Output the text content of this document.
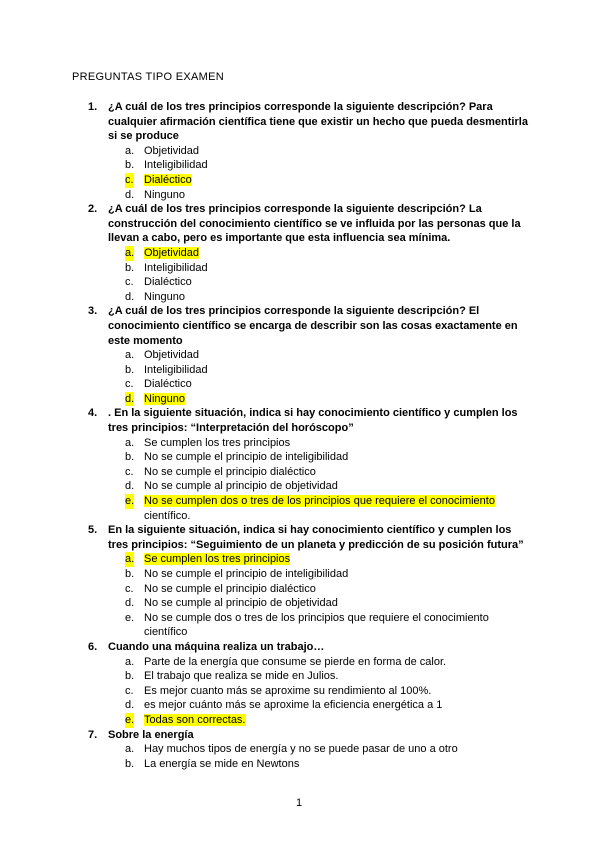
PREGUNTAS TIPO EXAMEN
1. ¿A cuál de los tres principios corresponde la siguiente descripción? Para cualquier afirmación científica tiene que existir un hecho que pueda desmentirla si se produce

a. Objetividad
b. Inteligibilidad
c. Dialéctico
d. Ninguno
2. ¿A cuál de los tres principios corresponde la siguiente descripción? La construcción del conocimiento científico se ve influida por las personas que la llevan a cabo, pero es importante que esta influencia sea mínima.

a. Objetividad
b. Inteligibilidad
c. Dialéctico
d. Ninguno
3. ¿A cuál de los tres principios corresponde la siguiente descripción? El conocimiento científico se encarga de describir son las cosas exactamente en este momento

a. Objetividad
b. Inteligibilidad
c. Dialéctico
d. Ninguno
4. . En la siguiente situación, indica si hay conocimiento científico y cumplen los tres principios: “Interpretación del horóscopo”

a. Se cumplen los tres principios
b. No se cumple el principio de inteligibilidad
c. No se cumple el principio dialéctico
d. No se cumple al principio de objetividad
e. No se cumplen dos o tres de los principios que requiere el conocimiento
científico.
5. En la siguiente situación, indica si hay conocimiento científico y cumplen los tres principios: “Seguimiento de un planeta y predicción de su posición futura”

a. Se cumplen los tres principios
b. No se cumple el principio de inteligibilidad
c. No se cumple el principio dialéctico
d. No se cumple al principio de objetividad
e. No se cumple dos o tres de los principios que requiere el conocimiento
científico
6. Cuando una máquina realiza un trabajo…

a. Parte de la energía que consume se pierde en forma de calor.
b. El trabajo que realiza se mide en Julios.
c. Es mejor cuanto más se aproxime su rendimiento al 100%.
d. es mejor cuánto más se aproxime la eficiencia energética a 1
e. Todas son correctas.
7. Sobre la energía

a. Hay muchos tipos de energía y no se puede pasar de uno a otro
b. La energía se mide en Newtons
1
